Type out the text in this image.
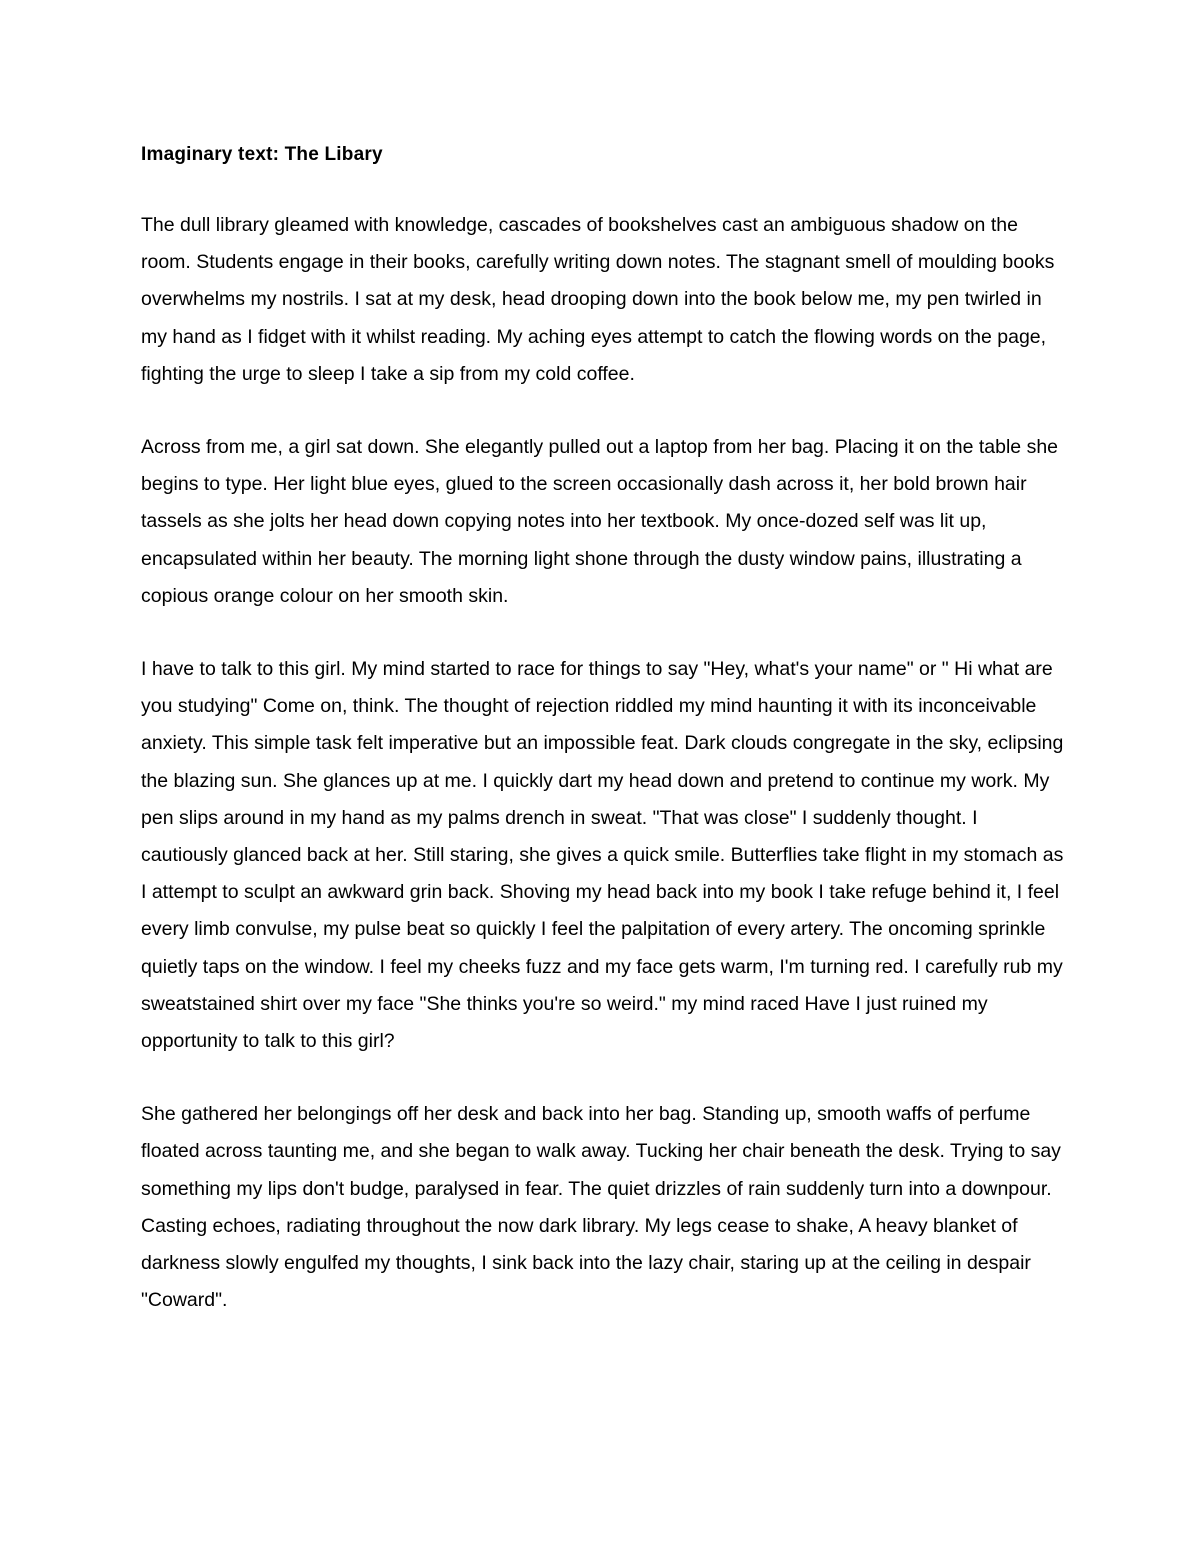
Imaginary text: The Libary

The dull library gleamed with knowledge, cascades of bookshelves cast an ambiguous shadow on the room. Students engage in their books, carefully writing down notes. The stagnant smell of moulding books overwhelms my nostrils. I sat at my desk, head drooping down into the book below me, my pen twirled in my hand as I fidget with it whilst reading. My aching eyes attempt to catch the flowing words on the page, fighting the urge to sleep I take a sip from my cold coffee.

Across from me, a girl sat down. She elegantly pulled out a laptop from her bag. Placing it on the table she begins to type. Her light blue eyes, glued to the screen occasionally dash across it, her bold brown hair tassels as she jolts her head down copying notes into her textbook. My once-dozed self was lit up, encapsulated within her beauty. The morning light shone through the dusty window pains, illustrating a copious orange colour on her smooth skin.

I have to talk to this girl. My mind started to race for things to say "Hey, what's your name" or " Hi what are you studying" Come on, think. The thought of rejection riddled my mind haunting it with its inconceivable anxiety. This simple task felt imperative but an impossible feat. Dark clouds congregate in the sky, eclipsing the blazing sun. She glances up at me. I quickly dart my head down and pretend to continue my work. My pen slips around in my hand as my palms drench in sweat. "That was close" I suddenly thought. I cautiously glanced back at her. Still staring, she gives a quick smile. Butterflies take flight in my stomach as I attempt to sculpt an awkward grin back. Shoving my head back into my book I take refuge behind it, I feel every limb convulse, my pulse beat so quickly I feel the palpitation of every artery. The oncoming sprinkle quietly taps on the window. I feel my cheeks fuzz and my face gets warm, I'm turning red. I carefully rub my sweatstained shirt over my face "She thinks you're so weird." my mind raced Have I just ruined my opportunity to talk to this girl?

She gathered her belongings off her desk and back into her bag. Standing up, smooth waffs of perfume floated across taunting me, and she began to walk away. Tucking her chair beneath the desk. Trying to say something my lips don't budge, paralysed in fear. The quiet drizzles of rain suddenly turn into a downpour. Casting echoes, radiating throughout the now dark library. My legs cease to shake, A heavy blanket of darkness slowly engulfed my thoughts, I sink back into the lazy chair, staring up at the ceiling in despair "Coward".
